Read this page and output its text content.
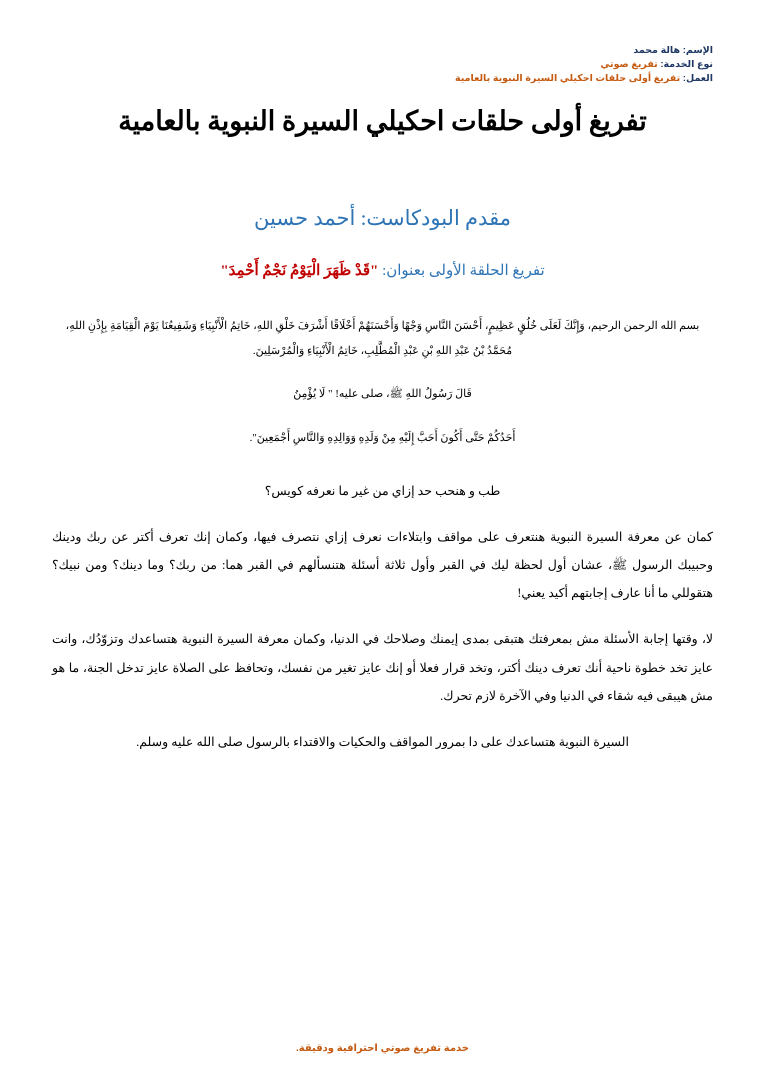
الإسم: هالة محمد
نوع الخدمة: تفريغ صوتي
العمل: تفريغ أولى حلقات احكيلي السيرة النبوية بالعامية
تفريغ أولى حلقات احكيلي السيرة النبوية بالعامية
مقدم البودكاست: أحمد حسين
تفريغ الحلقة الأولى بعنوان: "قَدْ ظَهَرَ الْيَوْمُ نَجْمٌ أَحْمِدَ"

بسم الله الرحمن الرحيم، وَإِنَّكَ لَعَلَى خُلُقٍ عَظِيمٍ، أَحْسَنَ النَّاسِ وَجْهًا وَأَحْسَنَهُمْ أَخْلَاقًا أَشْرَفَ خَلْقِ اللهِ، خَاتِمُ الْأَنْبِيَاءِ وَشَفِيعُنَا يَوْمَ الْقِيَامَةِ بِإِذْنِ اللهِ، مُحَمَّدُ بْنُ عَبْدِ اللهِ بْنِ عَبْدِ الْمُطَّلِبِ، خَاتِمُ الْأَنْبِيَاءِ وَالْمُرْسَلِينَ.

قَالَ رَسُولُ اللهِ ﷺ، صلى عليه! " لَا يُؤْمِنُ

أَحَدُكُمْ حَتَّى أَكُونَ أَحَبَّ إِلَيْهِ مِنْ وَلَدِهِ وَوَالِدِهِ وَالنَّاسِ أَجْمَعِينَ".

طب و هنحب حد إزاي من غير ما نعرفه كويس؟

كمان عن معرفة السيرة النبوية هنتعرف على مواقف وابتلاءات نعرف إزاي نتصرف فيها، وكمان إنك تعرف أكتر عن ربك ودينك وحبيبك الرسول ﷺ، عشان أول لحظة ليك في القبر وأول ثلاثة أسئلة هتنسألهم في القبر هما: من ربك؟ وما دينك؟ ومن نبيك؟ هتقوللي ما أنا عارف إجابتهم أكيد يعني!

لا، وقتها إجابة الأسئلة مش بمعرفتك هتبقى بمدى إيمنك وصلاحك في الدنيا، وكمان معرفة السيرة النبوية هتساعدك وتزوّدُك، وانت عايز تخد خطوة ناحية أنك تعرف دينك أكتر، وتخد قرار فعلا أو إنك عايز تغير من نفسك، وتحافظ على الصلاة عايز تدخل الجنة، ما هو مش هيبقى فيه شقاء في الدنيا وفي الآخرة لازم تحرك.

السيرة النبوية هتساعدك على دا بمرور المواقف والحكيات والاقتداء بالرسول صلى الله عليه وسلم.

خدمة تفريغ صوتي احترافية ودقيقة.
